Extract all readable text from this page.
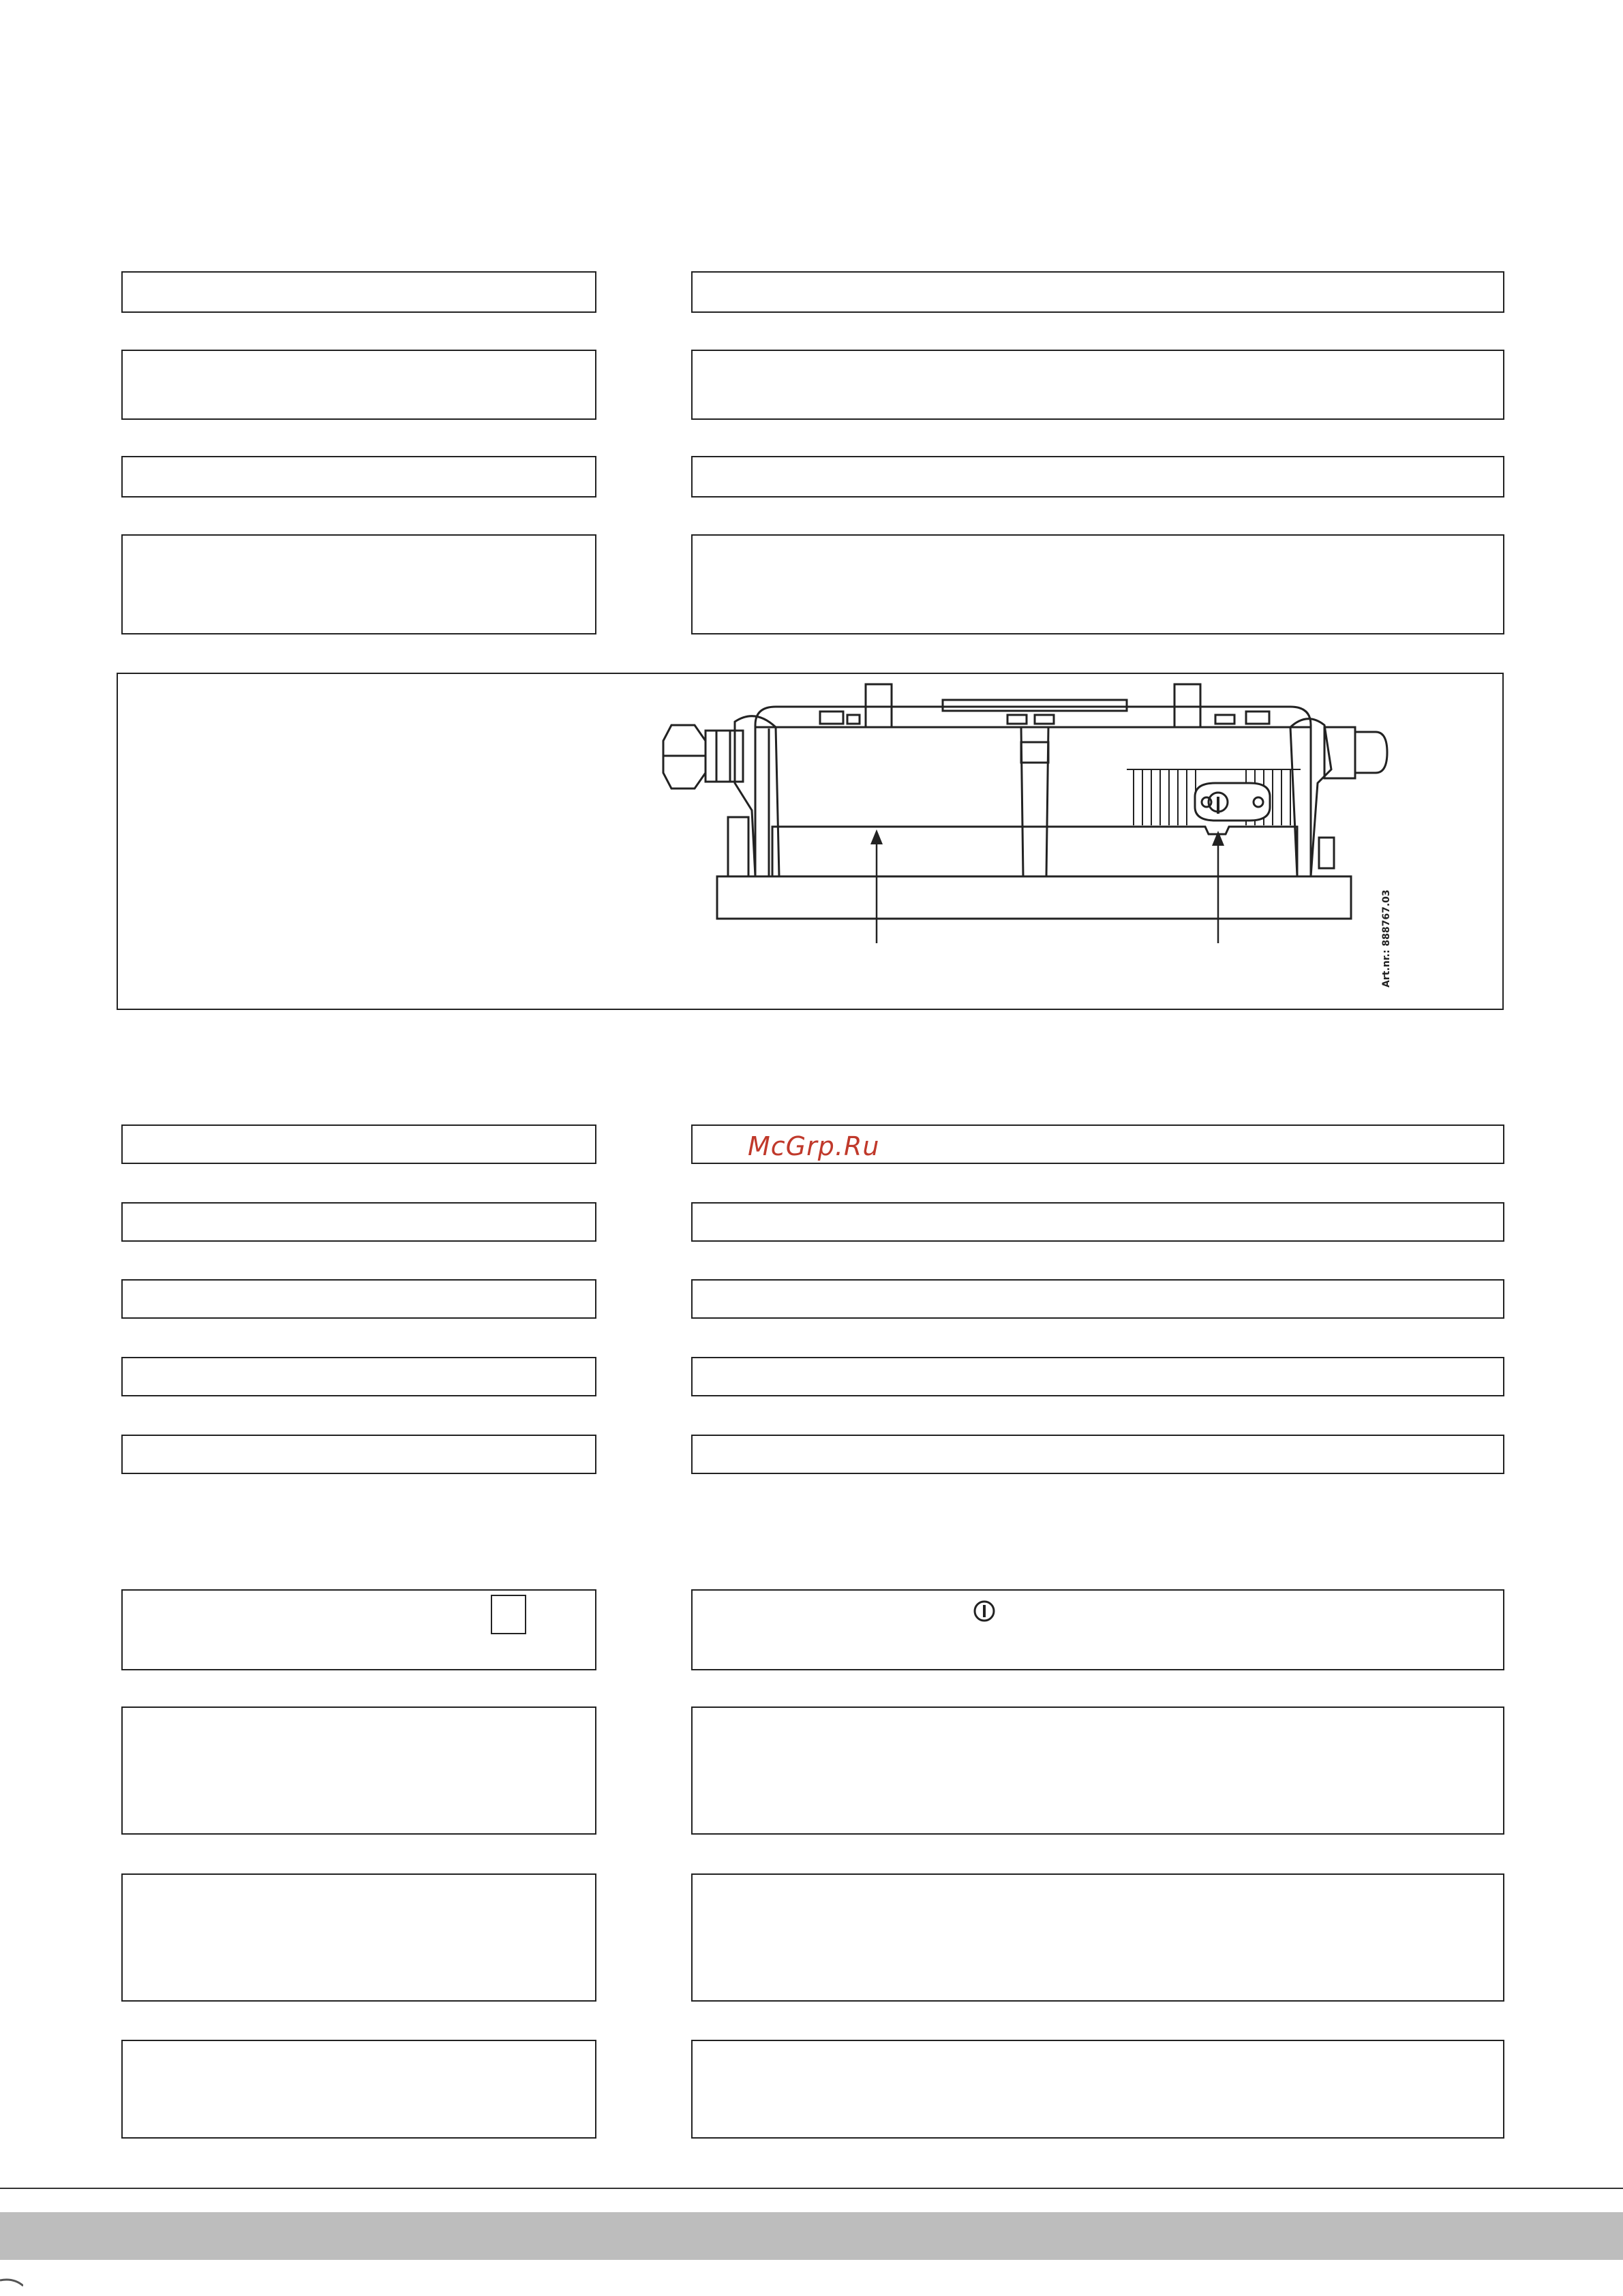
Art.nr.: 888767.03
McGrp.Ru
